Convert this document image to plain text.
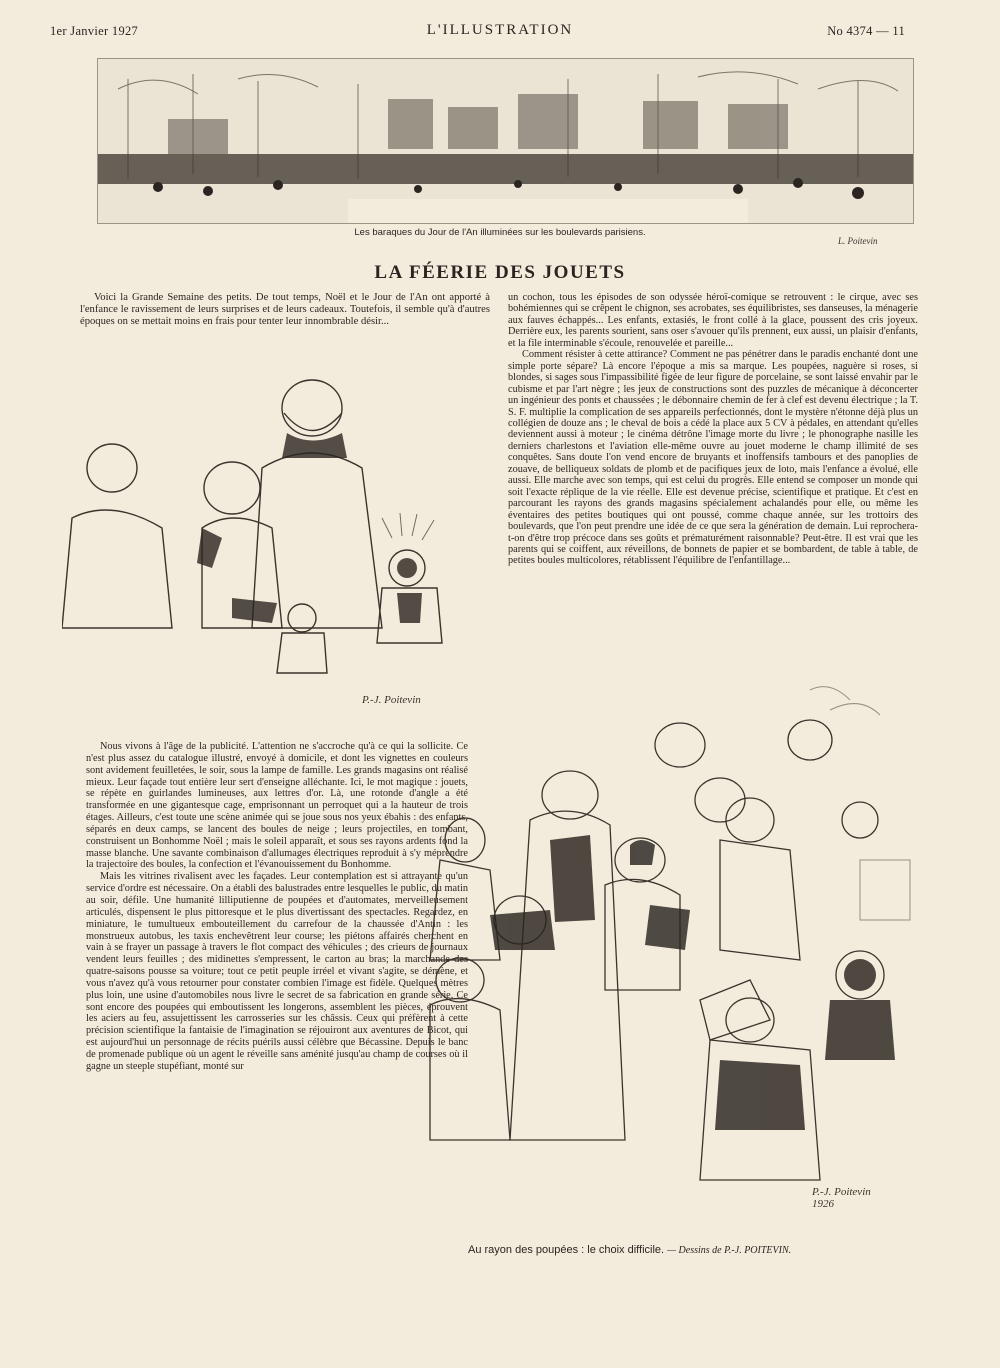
1er Janvier 1927	L'ILLUSTRATION	No 4374 — 11
Les baraques du Jour de l'An illuminées sur les boulevards parisiens.
L. Poitevin
LA FÉERIE DES JOUETS

Voici la Grande Semaine des petits. De tout temps, Noël et le Jour de l'An ont apporté à l'enfance le ravissement de leurs surprises et de leurs cadeaux. Toutefois, il semble qu'à d'autres époques on se mettait moins en frais pour tenter leur innombrable désir...

un cochon, tous les épisodes de son odyssée héroï-comique se retrouvent : le cirque, avec ses bohémiennes qui se crêpent le chignon, ses acrobates, ses équilibristes, ses danseuses, la ménagerie aux fauves échappés... Les enfants, extasiés, le front collé à la glace, poussent des cris joyeux. Derrière eux, les parents sourient, sans oser s'avouer qu'ils prennent, eux aussi, un plaisir d'enfants, et la file interminable s'écoule, renouvelée et pareille...

Comment résister à cette attirance? Comment ne pas pénétrer dans le paradis enchanté dont une simple porte sépare? Là encore l'époque a mis sa marque. Les poupées, naguère si roses, si blondes, si sages sous l'impassibilité figée de leur figure de porcelaine, se sont laissé envahir par le cubisme et par l'art nègre ; les jeux de constructions sont des puzzles de mécanique à déconcerter un ingénieur des ponts et chaussées ; le débonnaire chemin de fer à clef est devenu électrique ; la T. S. F. multiplie la complication de ses appareils perfectionnés, dont le mystère n'étonne déjà plus un collégien de douze ans ; le cheval de bois a cédé la place aux 5 CV à pédales, en attendant qu'elles deviennent aussi à moteur ; le cinéma détrône l'image morte du livre ; le phonographe nasille les derniers charlestons et l'aviation elle-même ouvre au jouet moderne le champ illimité de ses conquêtes. Sans doute l'on vend encore de bruyants et inoffensifs tambours et des panoplies de zouave, de belliqueux soldats de plomb et de pacifiques jeux de loto, mais l'enfance a évolué, elle aussi. Elle marche avec son temps, qui est celui du progrès. Elle entend se composer un monde qui soit l'exacte réplique de la vie réelle. Elle est devenue précise, scientifique et pratique. Et c'est en parcourant les rayons des grands magasins spécialement achalandés pour elle, ou même les éventaires des petites boutiques qui ont poussé, comme chaque année, sur les trottoirs des boulevards, que l'on peut prendre une idée de ce que sera la génération de demain. Lui reprochera-t-on d'être trop précoce dans ses goûts et prématurément raisonnable? Peut-être. Il est vrai que les parents qui se coiffent, aux réveillons, de bonnets de papier et se bombardent, de table à table, de petites boules multicolores, rétablissent l'équilibre de l'enfantillage...

P.-J. Poitevin

Nous vivons à l'âge de la publicité. L'attention ne s'accroche qu'à ce qui la sollicite. Ce n'est plus assez du catalogue illustré, envoyé à domicile, et dont les vignettes en couleurs sont avidement feuilletées, le soir, sous la lampe de famille. Les grands magasins ont réalisé mieux. Leur façade tout entière leur sert d'enseigne alléchante. Ici, le mot magique : jouets, se répète en guirlandes lumineuses, aux lettres d'or. Là, une rotonde d'angle a été transformée en une gigantesque cage, emprisonnant un perroquet qui a la hauteur de trois étages. Ailleurs, c'est toute une scène animée qui se joue sous nos yeux ébahis : des enfants, séparés en deux camps, se lancent des boules de neige ; leurs projectiles, en tombant, construisent un Bonhomme Noël ; mais le soleil apparaît, et sous ses rayons ardents fond la masse blanche. Une savante combinaison d'allumages électriques reproduit à s'y méprendre la trajectoire des boules, la confection et l'évanouissement du Bonhomme.

Mais les vitrines rivalisent avec les façades. Leur contemplation est si attrayante qu'un service d'ordre est nécessaire. On a établi des balustrades entre lesquelles le public, du matin au soir, défile. Une humanité lilliputienne de poupées et d'automates, merveilleusement articulés, dispensent le plus pittoresque et le plus divertissant des spectacles. Regardez, en miniature, le tumultueux embouteillement du carrefour de la chaussée d'Antin : les monstrueux autobus, les taxis enchevêtrent leur course; les piétons affairés cherchent en vain à se frayer un passage à travers le flot compact des véhicules ; des crieurs de journaux vendent leurs feuilles ; des midinettes s'empressent, le carton au bras; la marchande des quatre-saisons pousse sa voiture; tout ce petit peuple irréel et vivant s'agite, se démène, et vous n'avez qu'à vous retourner pour constater combien l'image est fidèle. Quelques mètres plus loin, une usine d'automobiles nous livre le secret de sa fabrication en grande série. Ce sont encore des poupées qui emboutissent les longerons, assemblent les pièces, éprouvent les aciers au feu, assujettissent les carrosseries sur les châssis. Ceux qui préfèrent à cette précision scientifique la fantaisie de l'imagination se réjouiront aux aventures de Bicot, qui est aujourd'hui un personnage de récits puérils aussi célèbre que Bécassine. Depuis le banc de promenade publique où un agent le réveille sans aménité jusqu'au champ de courses où il gagne un steeple stupéfiant, monté sur

P.-J. Poitevin 1926
Au rayon des poupées : le choix difficile. — Dessins de P.-J. POITEVIN.
